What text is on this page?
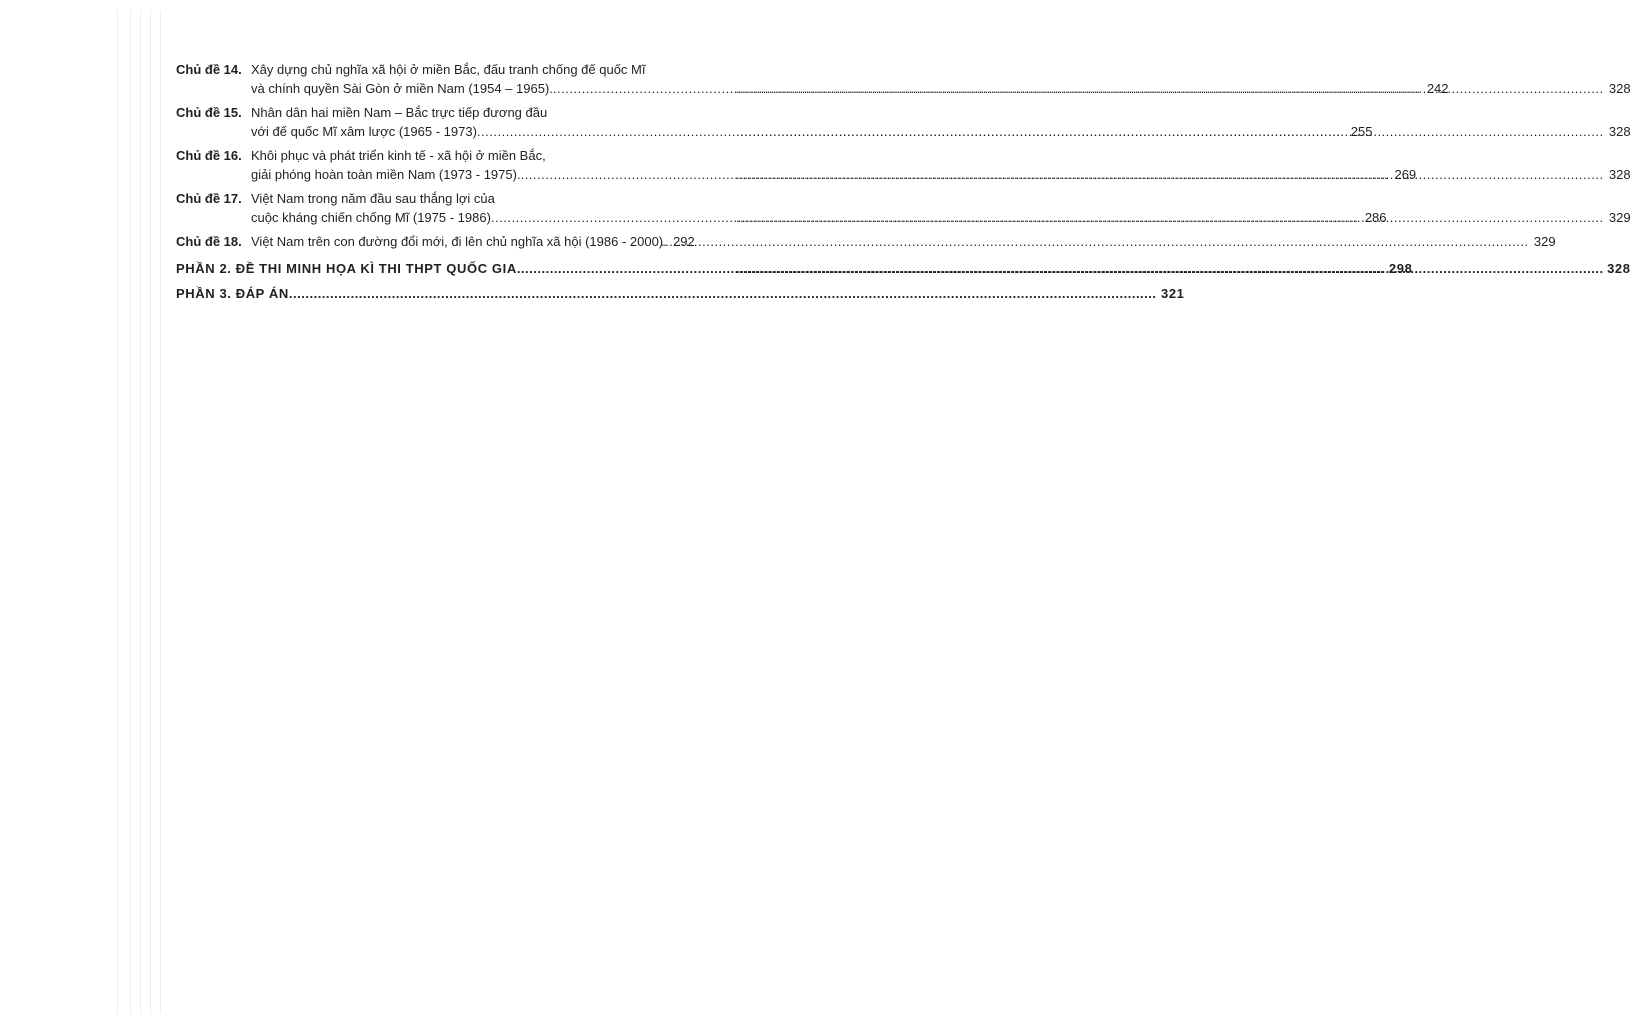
Chủ đề 14. Xây dựng chủ nghĩa xã hội ở miền Bắc, đấu tranh chống đế quốc Mĩ
và chính quyền Sài Gòn ở miền Nam (1954 – 1965). .....	242 .....	328
Chủ đề 15. Nhân dân hai miền Nam – Bắc trực tiếp đương đầu
với đế quốc Mĩ xâm lược (1965 - 1973) .....	255 .....	328
Chủ đề 16. Khôi phục và phát triển kinh tế - xã hội ở miền Bắc,
giải phóng hoàn toàn miền Nam (1973 - 1975). .....	269 .....	328
Chủ đề 17. Việt Nam trong năm đầu sau thắng lợi của
cuộc kháng chiến chống Mĩ (1975 - 1986) .....	286 .....	329
Chủ đề 18. Việt Nam trên con đường đổi mới, đi lên chủ nghĩa xã hội (1986 - 2000). 292 .....	329
PHẦN 2. ĐỀ THI MINH HỌA KÌ THI THPT QUỐC GIA .....	298 .....	328
PHẦN 3. ĐÁP ÁN .....	321
